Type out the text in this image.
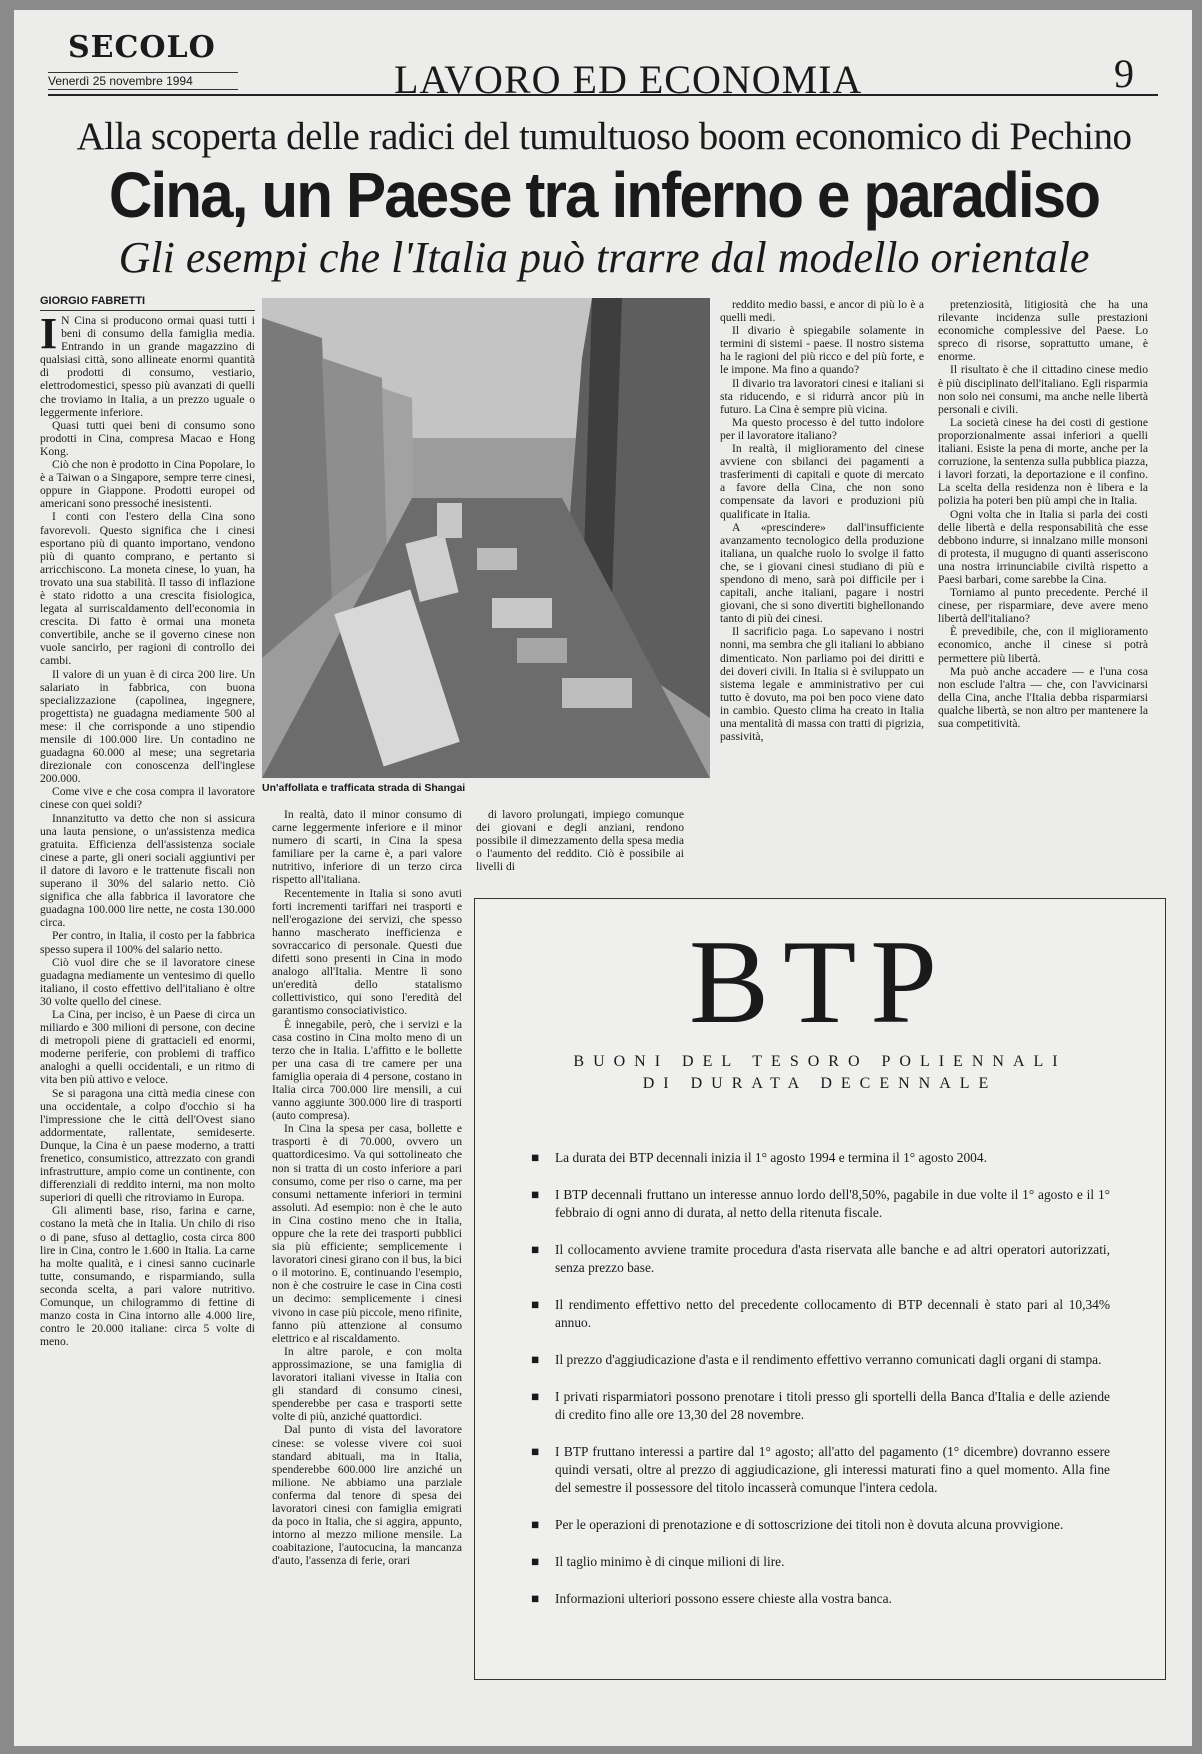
SECOLO
Venerdì 25 novembre 1994	LAVORO ED ECONOMIA	9
Alla scoperta delle radici del tumultuoso boom economico di Pechino
Cina, un Paese tra inferno e paradiso
Gli esempi che l'Italia può trarre dal modello orientale
GIORGIO FABRETTI

I N Cina si producono ormai quasi tutti i beni di consumo della famiglia media. Entrando in un grande magazzino di qualsiasi città, sono allineate enormi quantità di prodotti di consumo, vestiario, elettrodomestici, spesso più avanzati di quelli che troviamo in Italia, a un prezzo uguale o leggermente inferiore.

Quasi tutti quei beni di consumo sono prodotti in Cina, compresa Macao e Hong Kong.

Ciò che non è prodotto in Cina Popolare, lo è a Taiwan o a Singapore, sempre terre cinesi, oppure in Giappone. Prodotti europei od americani sono pressoché inesistenti.

I conti con l'estero della Cina sono favorevoli. Questo significa che i cinesi esportano più di quanto importano, vendono più di quanto comprano, e pertanto si arricchiscono. La moneta cinese, lo yuan, ha trovato una sua stabilità. Il tasso di inflazione è stato ridotto a una crescita fisiologica, legata al surriscaldamento dell'economia in crescita. Di fatto è ormai una moneta convertibile, anche se il governo cinese non vuole sancirlo, per ragioni di controllo dei cambi.

Il valore di un yuan è di circa 200 lire. Un salariato in fabbrica, con buona specializzazione (capolinea, ingegnere, progettista) ne guadagna mediamente 500 al mese: il che corrisponde a uno stipendio mensile di 100.000 lire. Un contadino ne guadagna 60.000 al mese; una segretaria direzionale con conoscenza dell'inglese 200.000.

Come vive e che cosa compra il lavoratore cinese con quei soldi?

Innanzitutto va detto che non si assicura una lauta pensione, o un'assistenza medica gratuita. Efficienza dell'assistenza sociale cinese a parte, gli oneri sociali aggiuntivi per il datore di lavoro e le trattenute fiscali non superano il 30% del salario netto. Ciò significa che alla fabbrica il lavoratore che guadagna 100.000 lire nette, ne costa 130.000 circa.

Per contro, in Italia, il costo per la fabbrica spesso supera il 100% del salario netto.

Ciò vuol dire che se il lavoratore cinese guadagna mediamente un ventesimo di quello italiano, il costo effettivo dell'italiano è oltre 30 volte quello del cinese.

La Cina, per inciso, è un Paese di circa un miliardo e 300 milioni di persone, con decine di metropoli piene di grattacieli ed enormi, moderne periferie, con problemi di traffico analoghi a quelli occidentali, e un ritmo di vita ben più attivo e veloce.

Se si paragona una città media cinese con una occidentale, a colpo d'occhio si ha l'impressione che le città dell'Ovest siano addormentate, rallentate, semideserte. Dunque, la Cina è un paese moderno, a tratti frenetico, consumistico, attrezzato con grandi infrastrutture, ampio come un continente, con differenziali di reddito interni, ma non molto superiori di quelli che ritroviamo in Europa.

Gli alimenti base, riso, farina e carne, costano la metà che in Italia. Un chilo di riso o di pane, sfuso al dettaglio, costa circa 800 lire in Cina, contro le 1.600 in Italia. La carne ha molte qualità, e i cinesi sanno cucinarle tutte, consumando, e risparmiando, sulla seconda scelta, a pari valore nutritivo. Comunque, un chilogrammo di fettine di manzo costa in Cina intorno alle 4.000 lire, contro le 20.000 italiane: circa 5 volte di meno.

Un'affollata e trafficata strada di Shangai

In realtà, dato il minor consumo di carne leggermente inferiore e il minor numero di scarti, in Cina la spesa familiare per la carne è, a pari valore nutritivo, inferiore di un terzo circa rispetto all'italiana.

Recentemente in Italia si sono avuti forti incrementi tariffari nei trasporti e nell'erogazione dei servizi, che spesso hanno mascherato inefficienza e sovraccarico di personale. Questi due difetti sono presenti in Cina in modo analogo all'Italia. Mentre lì sono un'eredità dello statalismo collettivistico, qui sono l'eredità del garantismo consociativistico.

È innegabile, però, che i servizi e la casa costino in Cina molto meno di un terzo che in Italia. L'affitto e le bollette per una casa di tre camere per una famiglia operaia di 4 persone, costano in Italia circa 700.000 lire mensili, a cui vanno aggiunte 300.000 lire di trasporti (auto compresa).

In Cina la spesa per casa, bollette e trasporti è di 70.000, ovvero un quattordicesimo. Va qui sottolineato che non si tratta di un costo inferiore a pari consumo, come per riso o carne, ma per consumi nettamente inferiori in termini assoluti. Ad esempio: non è che le auto in Cina costino meno che in Italia, oppure che la rete dei trasporti pubblici sia più efficiente; semplicemente i lavoratori cinesi girano con il bus, la bici o il motorino. E, continuando l'esempio, non è che costruire le case in Cina costi un decimo: semplicemente i cinesi vivono in case più piccole, meno rifinite, fanno più attenzione al consumo elettrico e al riscaldamento.

In altre parole, e con molta approssimazione, se una famiglia di lavoratori italiani vivesse in Italia con gli standard di consumo cinesi, spenderebbe per casa e trasporti sette volte di più, anziché quattordici.

Dal punto di vista del lavoratore cinese: se volesse vivere coi suoi standard abituali, ma in Italia, spenderebbe 600.000 lire anziché un milione. Ne abbiamo una parziale conferma dal tenore di spesa dei lavoratori cinesi con famiglia emigrati da poco in Italia, che si aggira, appunto, intorno al mezzo milione mensile. La coabitazione, l'autocucina, la mancanza d'auto, l'assenza di ferie, orari

di lavoro prolungati, impiego comunque dei giovani e degli anziani, rendono possibile il dimezzamento della spesa media o l'aumento del reddito. Ciò è possibile ai livelli di

reddito medio bassi, e ancor di più lo è a quelli medi.

Il divario è spiegabile solamente in termini di sistemi - paese. Il nostro sistema ha le ragioni del più ricco e del più forte, e le impone. Ma fino a quando?

Il divario tra lavoratori cinesi e italiani si sta riducendo, e si ridurrà ancor più in futuro. La Cina è sempre più vicina.

Ma questo processo è del tutto indolore per il lavoratore italiano?

In realtà, il miglioramento del cinese avviene con sbilanci dei pagamenti a trasferimenti di capitali e quote di mercato a favore della Cina, che non sono compensate da lavori e produzioni più qualificate in Italia.

A «prescindere» dall'insufficiente avanzamento tecnologico della produzione italiana, un qualche ruolo lo svolge il fatto che, se i giovani cinesi studiano di più e spendono di meno, sarà poi difficile per i capitali, anche italiani, pagare i nostri giovani, che si sono divertiti bighellonando tanto di più dei cinesi.

Il sacrificio paga. Lo sapevano i nostri nonni, ma sembra che gli italiani lo abbiano dimenticato. Non parliamo poi dei diritti e dei doveri civili. In Italia si è sviluppato un sistema legale e amministrativo per cui tutto è dovuto, ma poi ben poco viene dato in cambio. Questo clima ha creato in Italia una mentalità di massa con tratti di pigrizia, passività,

pretenziosità, litigiosità che ha una rilevante incidenza sulle prestazioni economiche complessive del Paese. Lo spreco di risorse, soprattutto umane, è enorme.

Il risultato è che il cittadino cinese medio è più disciplinato dell'italiano. Egli risparmia non solo nei consumi, ma anche nelle libertà personali e civili.

La società cinese ha dei costi di gestione proporzionalmente assai inferiori a quelli italiani. Esiste la pena di morte, anche per la corruzione, la sentenza sulla pubblica piazza, i lavori forzati, la deportazione e il confino. La scelta della residenza non è libera e la polizia ha poteri ben più ampi che in Italia.

Ogni volta che in Italia si parla dei costi delle libertà e della responsabilità che esse debbono indurre, si innalzano mille monsoni di protesta, il mugugno di quanti asseriscono una nostra irrinunciabile civiltà rispetto a Paesi barbari, come sarebbe la Cina.

Torniamo al punto precedente. Perché il cinese, per risparmiare, deve avere meno libertà dell'italiano?

È prevedibile, che, con il miglioramento economico, anche il cinese si potrà permettere più libertà.

Ma può anche accadere — e l'una cosa non esclude l'altra — che, con l'avvicinarsi della Cina, anche l'Italia debba risparmiarsi qualche libertà, se non altro per mantenere la sua competitività.

BTP
BUONI DEL TESORO POLIENNALI
DI DURATA DECENNALE
■ La durata dei BTP decennali inizia il 1° agosto 1994 e termina il 1° agosto 2004.
■ I BTP decennali fruttano un interesse annuo lordo dell'8,50%, pagabile in due volte il 1° agosto e il 1° febbraio di ogni anno di durata, al netto della ritenuta fiscale.
■ Il collocamento avviene tramite procedura d'asta riservata alle banche e ad altri operatori autorizzati, senza prezzo base.
■ Il rendimento effettivo netto del precedente collocamento di BTP decennali è stato pari al 10,34% annuo.
■ Il prezzo d'aggiudicazione d'asta e il rendimento effettivo verranno comunicati dagli organi di stampa.
■ I privati risparmiatori possono prenotare i titoli presso gli sportelli della Banca d'Italia e delle aziende di credito fino alle ore 13,30 del 28 novembre.
■ I BTP fruttano interessi a partire dal 1° agosto; all'atto del pagamento (1° dicembre) dovranno essere quindi versati, oltre al prezzo di aggiudicazione, gli interessi maturati fino a quel momento. Alla fine del semestre il possessore del titolo incasserà comunque l'intera cedola.
■ Per le operazioni di prenotazione e di sottoscrizione dei titoli non è dovuta alcuna provvigione.
■ Il taglio minimo è di cinque milioni di lire.
■ Informazioni ulteriori possono essere chieste alla vostra banca.
